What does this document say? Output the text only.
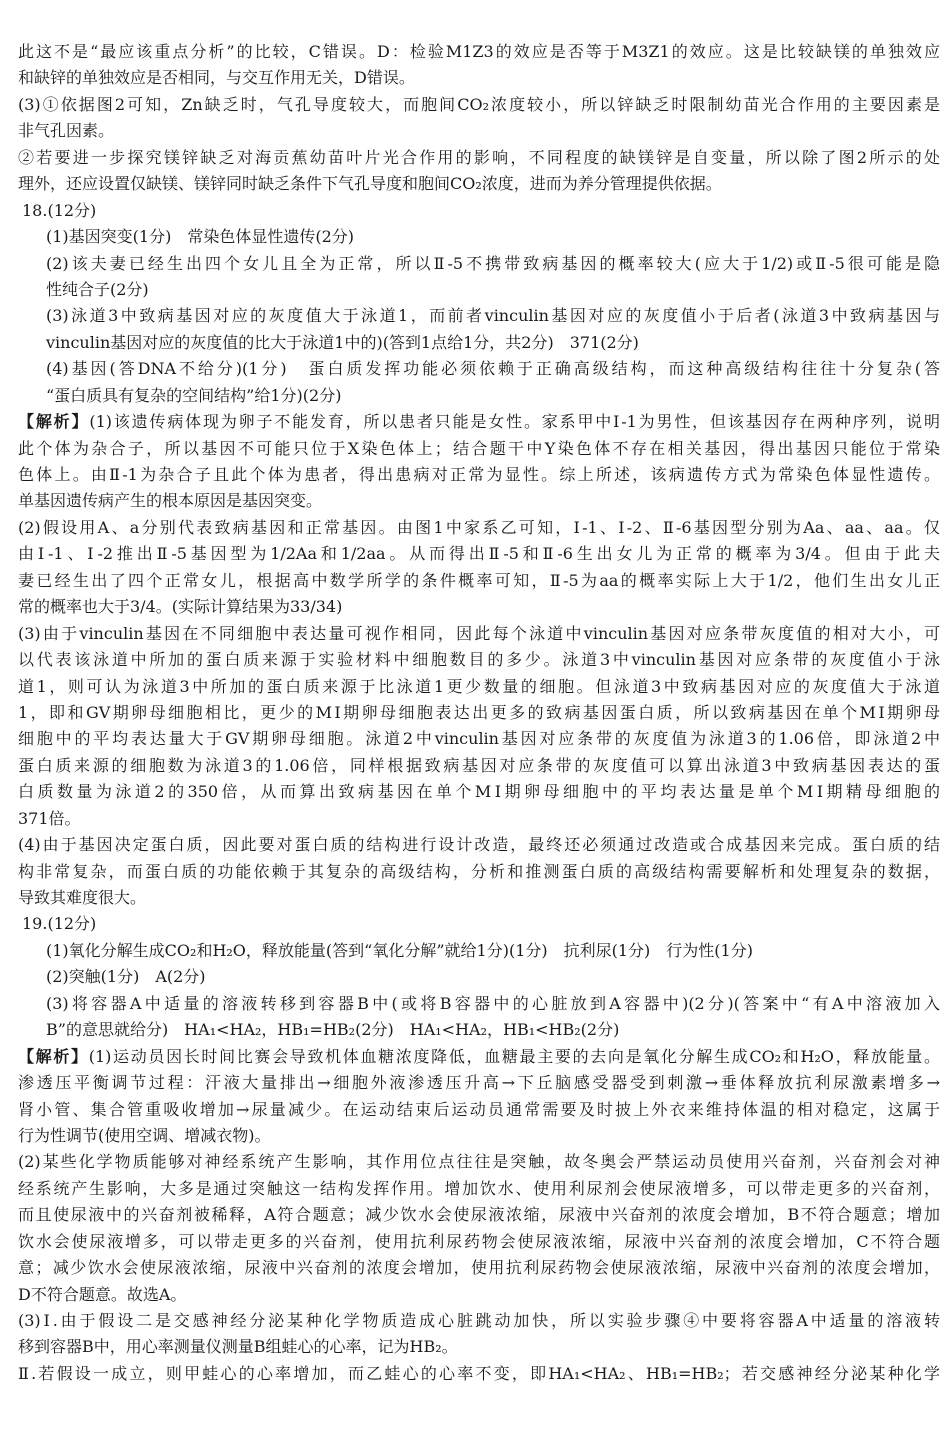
此这不是“最应该重点分析”的比较，C错误。D：检验M1Z3的效应是否等于M3Z1的效应。这是比较缺镁的单独效应
和缺锌的单独效应是否相同，与交互作用无关，D错误。
(3)①依据图2可知，Zn缺乏时，气孔导度较大，而胞间CO₂浓度较小，所以锌缺乏时限制幼苗光合作用的主要因素是
非气孔因素。
②若要进一步探究镁锌缺乏对海贡蕉幼苗叶片光合作用的影响，不同程度的缺镁锌是自变量，所以除了图2所示的处
理外，还应设置仅缺镁、镁锌同时缺乏条件下气孔导度和胞间CO₂浓度，进而为养分管理提供依据。
18.(12分)
(1)基因突变(1分)　常染色体显性遗传(2分)
(2)该夫妻已经生出四个女儿且全为正常，所以Ⅱ-5不携带致病基因的概率较大(应大于1/2)或Ⅱ-5很可能是隐
性纯合子(2分)
(3)泳道3中致病基因对应的灰度值大于泳道1，而前者vinculin基因对应的灰度值小于后者(泳道3中致病基因与
vinculin基因对应的灰度值的比大于泳道1中的)(答到1点给1分，共2分)　371(2分)
(4)基因(答DNA不给分)(1分)　蛋白质发挥功能必须依赖于正确高级结构，而这种高级结构往往十分复杂(答
“蛋白质具有复杂的空间结构”给1分)(2分)
【解析】(1)该遗传病体现为卵子不能发育，所以患者只能是女性。家系甲中Ⅰ-1为男性，但该基因存在两种序列，说明
此个体为杂合子，所以基因不可能只位于X染色体上；结合题干中Y染色体不存在相关基因，得出基因只能位于常染
色体上。由Ⅱ-1为杂合子且此个体为患者，得出患病对正常为显性。综上所述，该病遗传方式为常染色体显性遗传。
单基因遗传病产生的根本原因是基因突变。
(2)假设用A、a分别代表致病基因和正常基因。由图1中家系乙可知，Ⅰ-1、Ⅰ-2、Ⅱ-6基因型分别为Aa、aa、aa。仅
由Ⅰ-1、Ⅰ-2推出Ⅱ-5基因型为1/2Aa和1/2aa。从而得出Ⅱ-5和Ⅱ-6生出女儿为正常的概率为3/4。但由于此夫
妻已经生出了四个正常女儿，根据高中数学所学的条件概率可知，Ⅱ-5为aa的概率实际上大于1/2，他们生出女儿正
常的概率也大于3/4。(实际计算结果为33/34)
(3)由于vinculin基因在不同细胞中表达量可视作相同，因此每个泳道中vinculin基因对应条带灰度值的相对大小，可
以代表该泳道中所加的蛋白质来源于实验材料中细胞数目的多少。泳道3中vinculin基因对应条带的灰度值小于泳
道1，则可认为泳道3中所加的蛋白质来源于比泳道1更少数量的细胞。但泳道3中致病基因对应的灰度值大于泳道
1，即和GV期卵母细胞相比，更少的MⅠ期卵母细胞表达出更多的致病基因蛋白质，所以致病基因在单个MⅠ期卵母
细胞中的平均表达量大于GV期卵母细胞。泳道2中vinculin基因对应条带的灰度值为泳道3的1.06倍，即泳道2中
蛋白质来源的细胞数为泳道3的1.06倍，同样根据致病基因对应条带的灰度值可以算出泳道3中致病基因表达的蛋
白质数量为泳道2的350倍，从而算出致病基因在单个MⅠ期卵母细胞中的平均表达量是单个MⅠ期精母细胞的
371倍。
(4)由于基因决定蛋白质，因此要对蛋白质的结构进行设计改造，最终还必须通过改造或合成基因来完成。蛋白质的结
构非常复杂，而蛋白质的功能依赖于其复杂的高级结构，分析和推测蛋白质的高级结构需要解析和处理复杂的数据，
导致其难度很大。
19.(12分)
(1)氧化分解生成CO₂和H₂O，释放能量(答到“氧化分解”就给1分)(1分)　抗利尿(1分)　行为性(1分)
(2)突触(1分)　A(2分)
(3)将容器A中适量的溶液转移到容器B中(或将B容器中的心脏放到A容器中)(2分)(答案中“有A中溶液加入
B”的意思就给分)　HA₁<HA₂，HB₁=HB₂(2分)　HA₁<HA₂，HB₁<HB₂(2分)
【解析】(1)运动员因长时间比赛会导致机体血糖浓度降低，血糖最主要的去向是氧化分解生成CO₂和H₂O，释放能量。
渗透压平衡调节过程：汗液大量排出→细胞外液渗透压升高→下丘脑感受器受到刺激→垂体释放抗利尿激素增多→
肾小管、集合管重吸收增加→尿量减少。在运动结束后运动员通常需要及时披上外衣来维持体温的相对稳定，这属于
行为性调节(使用空调、增减衣物)。
(2)某些化学物质能够对神经系统产生影响，其作用位点往往是突触，故冬奥会严禁运动员使用兴奋剂，兴奋剂会对神
经系统产生影响，大多是通过突触这一结构发挥作用。增加饮水、使用利尿剂会使尿液增多，可以带走更多的兴奋剂，
而且使尿液中的兴奋剂被稀释，A符合题意；减少饮水会使尿液浓缩，尿液中兴奋剂的浓度会增加，B不符合题意；增加
饮水会使尿液增多，可以带走更多的兴奋剂，使用抗利尿药物会使尿液浓缩，尿液中兴奋剂的浓度会增加，C不符合题
意；减少饮水会使尿液浓缩，尿液中兴奋剂的浓度会增加，使用抗利尿药物会使尿液浓缩，尿液中兴奋剂的浓度会增加，
D不符合题意。故选A。
(3)Ⅰ.由于假设二是交感神经分泌某种化学物质造成心脏跳动加快，所以实验步骤④中要将容器A中适量的溶液转
移到容器B中，用心率测量仪测量B组蛙心的心率，记为HB₂。
Ⅱ.若假设一成立，则甲蛙心的心率增加，而乙蛙心的心率不变，即HA₁<HA₂、HB₁=HB₂；若交感神经分泌某种化学
